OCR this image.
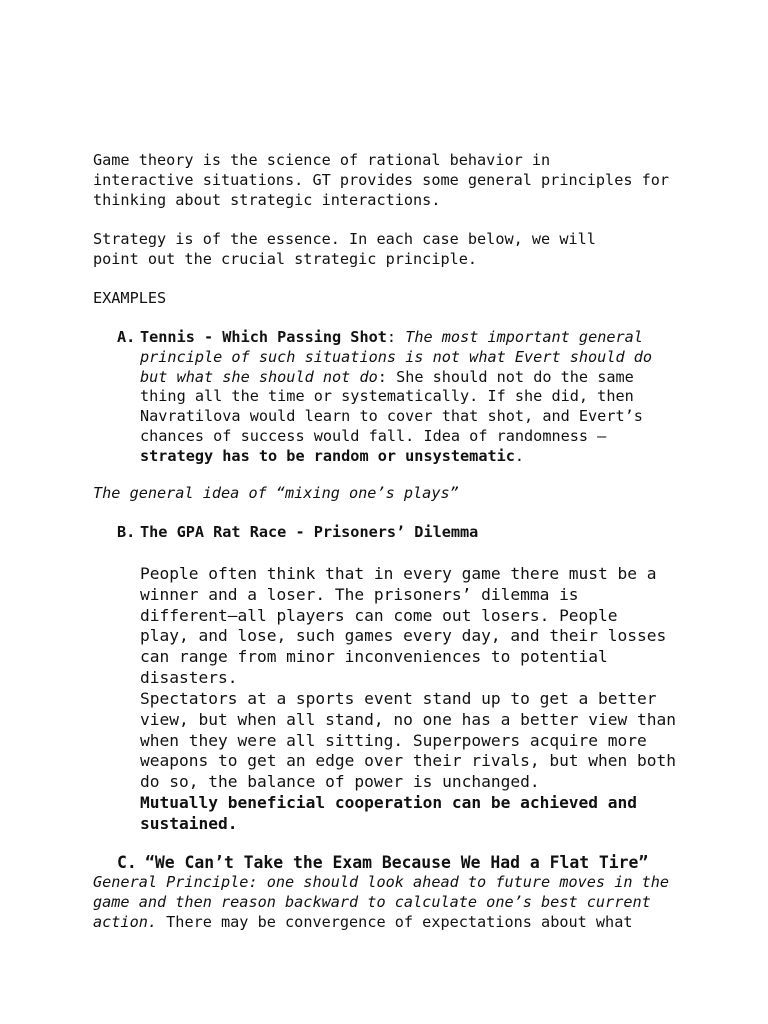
Game theory is the science of rational behavior in
interactive situations. GT provides some general principles for
thinking about strategic interactions.

Strategy is of the essence. In each case below, we will
point out the crucial strategic principle.

EXAMPLES

A. Tennis - Which Passing Shot: The most important general
principle of such situations is not what Evert should do
but what she should not do: She should not do the same
thing all the time or systematically. If she did, then
Navratilova would learn to cover that shot, and Evert’s
chances of success would fall. Idea of randomness –
strategy has to be random or unsystematic.

The general idea of “mixing one’s plays”

B. The GPA Rat Race - Prisoners’ Dilemma
People often think that in every game there must be a
winner and a loser. The prisoners’ dilemma is
different—all players can come out losers. People
play, and lose, such games every day, and their losses
can range from minor inconveniences to potential
disasters.
Spectators at a sports event stand up to get a better
view, but when all stand, no one has a better view than
when they were all sitting. Superpowers acquire more
weapons to get an edge over their rivals, but when both
do so, the balance of power is unchanged.
Mutually beneficial cooperation can be achieved and
sustained.
C. “We Can’t Take the Exam Because We Had a Flat Tire”
General Principle: one should look ahead to future moves in the
game and then reason backward to calculate one’s best current
action. There may be convergence of expectations about what
